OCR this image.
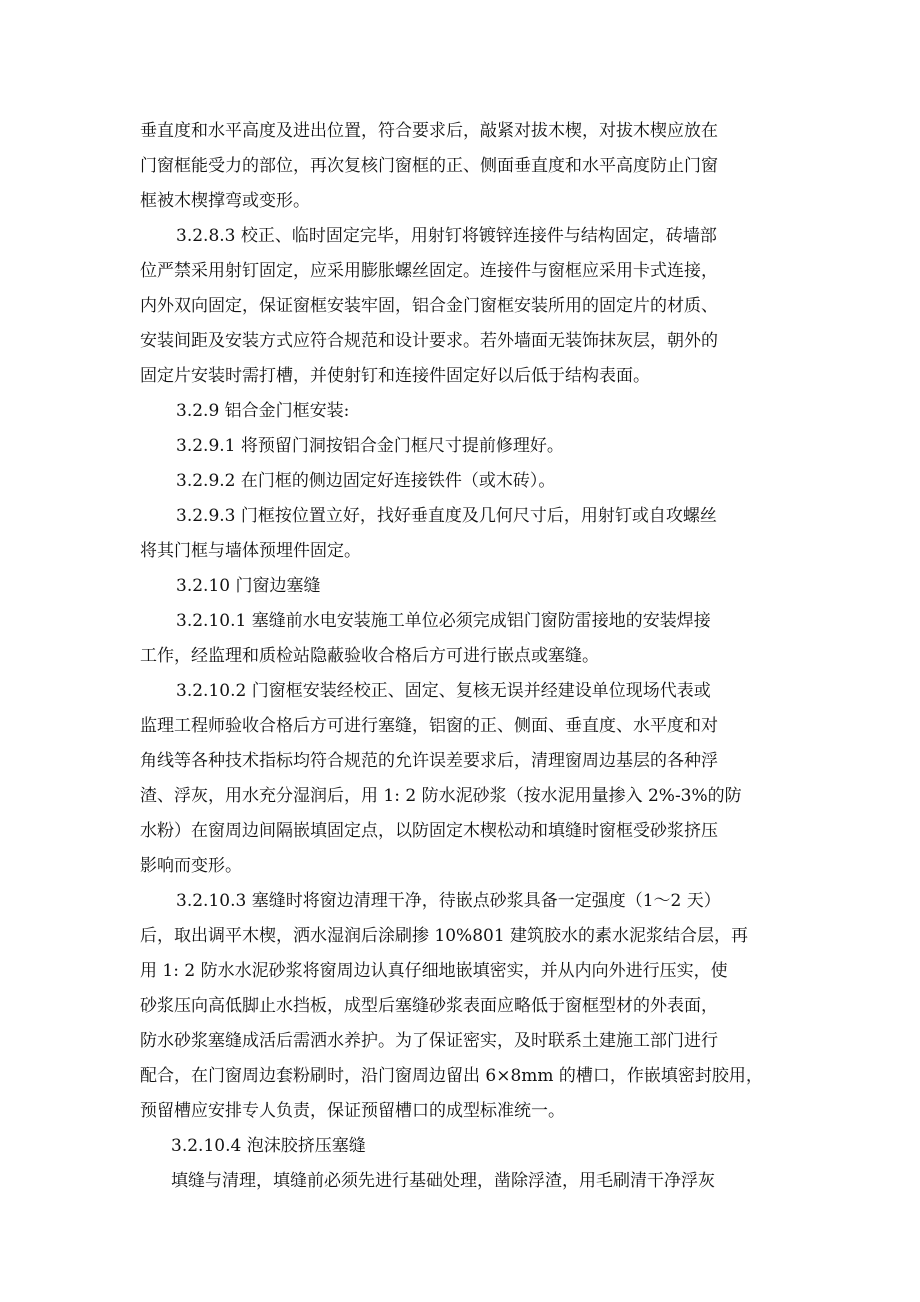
垂直度和水平高度及进出位置，符合要求后，敲紧对拔木楔，对拔木楔应放在
门窗框能受力的部位，再次复核门窗框的正、侧面垂直度和水平高度防止门窗
框被木楔撑弯或变形。
3.2.8.3 校正、临时固定完毕，用射钉将镀锌连接件与结构固定，砖墙部
位严禁采用射钉固定，应采用膨胀螺丝固定。连接件与窗框应采用卡式连接，
内外双向固定，保证窗框安装牢固，铝合金门窗框安装所用的固定片的材质、
安装间距及安装方式应符合规范和设计要求。若外墙面无装饰抹灰层，朝外的
固定片安装时需打槽，并使射钉和连接件固定好以后低于结构表面。
3.2.9 铝合金门框安装:
3.2.9.1 将预留门洞按铝合金门框尺寸提前修理好。
3.2.9.2 在门框的侧边固定好连接铁件（或木砖）。
3.2.9.3 门框按位置立好，找好垂直度及几何尺寸后，用射钉或自攻螺丝
将其门框与墙体预埋件固定。
3.2.10 门窗边塞缝
3.2.10.1 塞缝前水电安装施工单位必须完成铝门窗防雷接地的安装焊接
工作，经监理和质检站隐蔽验收合格后方可进行嵌点或塞缝。
3.2.10.2 门窗框安装经校正、固定、复核无误并经建设单位现场代表或
监理工程师验收合格后方可进行塞缝，铝窗的正、侧面、垂直度、水平度和对
角线等各种技术指标均符合规范的允许误差要求后，清理窗周边基层的各种浮
渣、浮灰，用水充分湿润后，用 1: 2 防水泥砂浆（按水泥用量掺入 2%-3%的防
水粉）在窗周边间隔嵌填固定点，以防固定木楔松动和填缝时窗框受砂浆挤压
影响而变形。
3.2.10.3 塞缝时将窗边清理干净，待嵌点砂浆具备一定强度（1～2 天）
后，取出调平木楔，洒水湿润后涂刷掺 10%801 建筑胶水的素水泥浆结合层，再
用 1: 2 防水水泥砂浆将窗周边认真仔细地嵌填密实，并从内向外进行压实，使
砂浆压向高低脚止水挡板，成型后塞缝砂浆表面应略低于窗框型材的外表面，
防水砂浆塞缝成活后需洒水养护。为了保证密实，及时联系土建施工部门进行
配合，在门窗周边套粉刷时，沿门窗周边留出 6×8mm 的槽口，作嵌填密封胶用，
预留槽应安排专人负责，保证预留槽口的成型标准统一。
3.2.10.4 泡沫胶挤压塞缝
填缝与清理，填缝前必须先进行基础处理，凿除浮渣，用毛刷清干净浮灰
